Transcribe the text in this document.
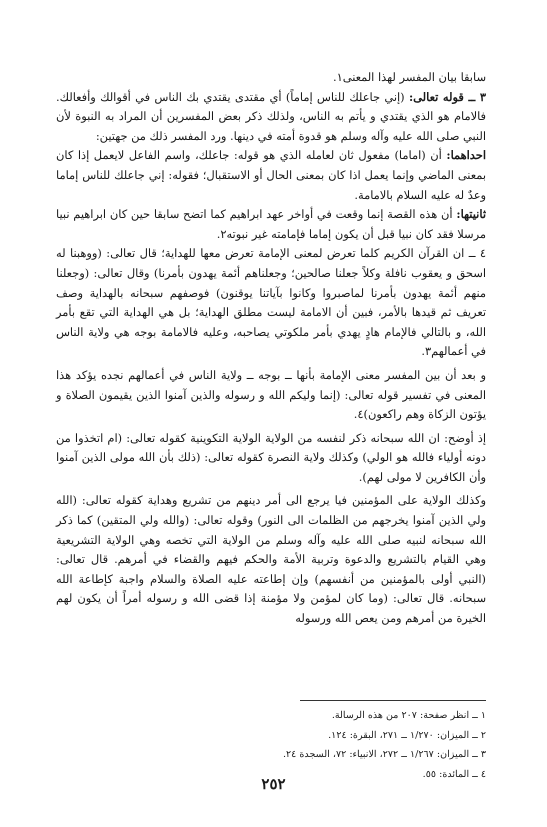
سابقا بيان المفسر لهذا المعنى١.

٣ ــ قوله تعالى: (إني جاعلك للناس إماماً) أي مقتدى يقتدي بك الناس في أقوالك وأفعالك. فالامام هو الذي يقتدي و يأتم به الناس، ولذلك ذكر بعض المفسرين أن المراد به النبوة لأن النبي صلى الله عليه وآله وسلم هو قدوة أمته في دينها. ورد المفسر ذلك من جهتين:

احداهما: أن (اماما) مفعول ثان لعامله الذي هو قوله: جاعلك، واسم الفاعل لايعمل إذا كان بمعنى الماضي وإنما يعمل اذا كان بمعنى الحال أو الاستقبال؛ فقوله: إني جاعلك للناس إماما وعدٌ له عليه السلام بالامامة.

ثانيتها: أن هذه القصة إنما وقعت في أواخر عهد ابراهيم كما اتضح سابقا حين كان ابراهيم نبيا مرسلا فقد كان نبيا قبل أن يكون إماما فإمامته غير نبوته٢.

٤ ــ ان القرآن الكريم كلما تعرض لمعنى الإمامة تعرض معها للهداية؛ قال تعالى: (ووهبنا له اسحق و يعقوب نافلة وكلاً جعلنا صالحين؛ وجعلناهم أئمة يهدون بأمرنا) وقال تعالى: (وجعلنا منهم أئمة يهدون بأمرنا لماصبروا وكانوا بآياتنا يوقنون) فوصفهم سبحانه بالهداية وصف تعريف ثم قيدها بالأمر، فبين أن الامامة ليست مطلق الهداية؛ بل هي الهداية التي تقع بأمر الله، و بالتالي فالإمام هادٍ يهدي بأمر ملكوتي يصاحبه، وعليه فالامامة بوجه هي ولاية الناس في أعمالهم٣.

و بعد أن بين المفسر معنى الإمامة بأنها ــ بوجه ــ ولاية الناس في أعمالهم نجده يؤكد هذا المعنى في تفسير قوله تعالى: (إنما وليكم الله و رسوله والذين آمنوا الذين يقيمون الصلاة و يؤتون الزكاة وهم راكعون)٤.

إذ أوضح: ان الله سبحانه ذكر لنفسه من الولاية الولاية التكوينية كقوله تعالى: (ام اتخذوا من دونه أولياء فالله هو الولي) وكذلك ولاية النصرة كقوله تعالى: (ذلك بأن الله مولى الذين آمنوا وأن الكافرين لا مولى لهم).

وكذلك الولاية على المؤمنين فيا يرجع الى أمر دينهم من تشريع وهداية كقوله تعالى: (الله ولي الذين آمنوا يخرجهم من الظلمات الى النور) وقوله تعالى: (والله ولي المتقين) كما ذكر الله سبحانه لنبيه صلى الله عليه وآله وسلم من الولاية التي تخصه وهي الولاية التشريعية وهي القيام بالتشريع والدعوة وتربية الأمة والحكم فيهم والقضاء في أمرهم. قال تعالى: (النبي أولى بالمؤمنين من أنفسهم) وإن إطاعته عليه الصلاة والسلام واجبة كإطاعة الله سبحانه. قال تعالى: (وما كان لمؤمن ولا مؤمنة إذا قضى الله و رسوله أمراً أن يكون لهم الخيرة من أمرهم ومن يعص الله ورسوله

١ ــ انظر صفحة: ٢٠٧ من هذه الرسالة.

٢ ــ الميزان: ١/٢٧٠ ــ ٢٧١، البقرة: ١٢٤.

٣ ــ الميزان: ١/٢٦٧ ــ ٢٧٢، الانبياء: ٧٢، السجدة ٢٤.

٤ ــ المائدة: ٥٥.

٢٥٢
